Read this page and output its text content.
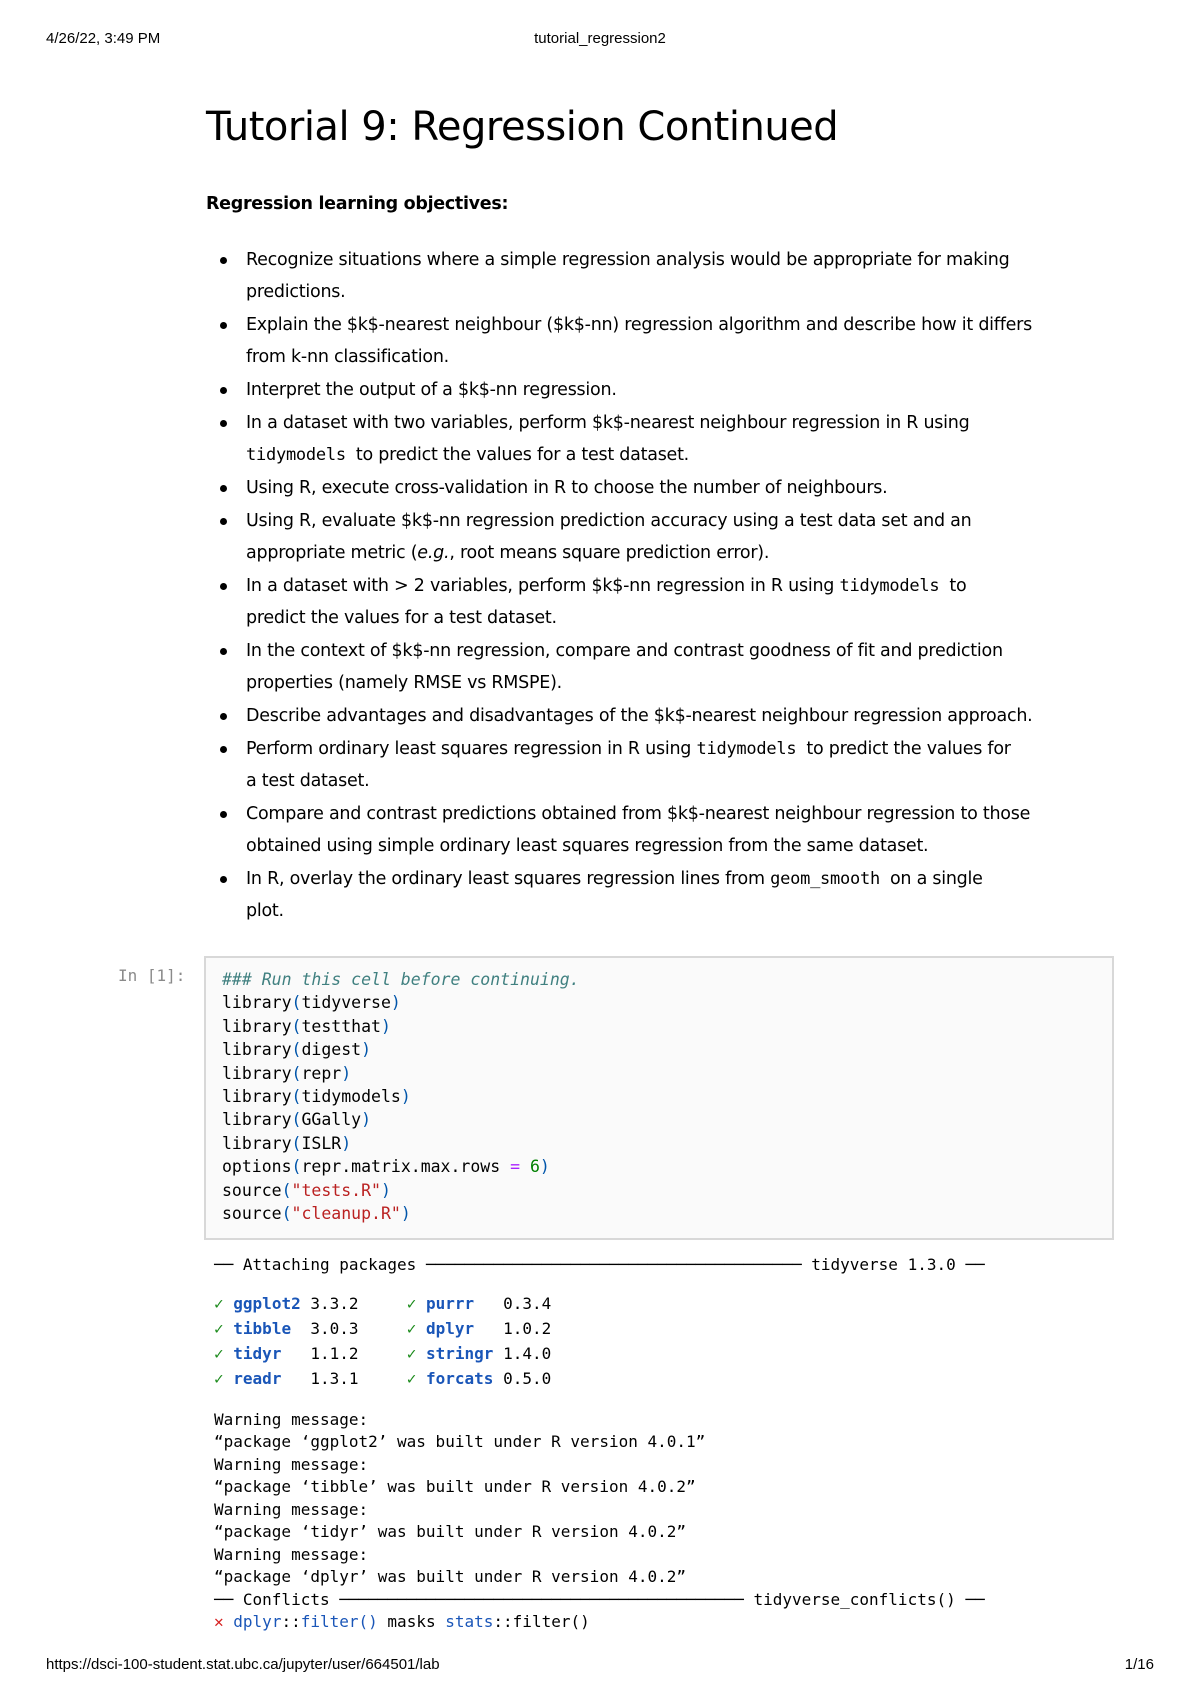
4/26/22, 3:49 PM	tutorial_regression2
Tutorial 9: Regression Continued
Regression learning objectives:
Recognize situations where a simple regression analysis would be appropriate for making
predictions.
Explain the $k$-nearest neighbour ($k$-nn) regression algorithm and describe how it differs
from k-nn classification.
Interpret the output of a $k$-nn regression.
In a dataset with two variables, perform $k$-nearest neighbour regression in R using
tidymodels to predict the values for a test dataset.
Using R, execute cross-validation in R to choose the number of neighbours.
Using R, evaluate $k$-nn regression prediction accuracy using a test data set and an
appropriate metric (e.g., root means square prediction error).
In a dataset with > 2 variables, perform $k$-nn regression in R using tidymodels to
predict the values for a test dataset.
In the context of $k$-nn regression, compare and contrast goodness of fit and prediction
properties (namely RMSE vs RMSPE).
Describe advantages and disadvantages of the $k$-nearest neighbour regression approach.
Perform ordinary least squares regression in R using tidymodels to predict the values for
a test dataset.
Compare and contrast predictions obtained from $k$-nearest neighbour regression to those
obtained using simple ordinary least squares regression from the same dataset.
In R, overlay the ordinary least squares regression lines from geom_smooth on a single
plot.
In [1]: ### Run this cell before continuing.
library(tidyverse)
library(testthat)
library(digest)
library(repr)
library(tidymodels)
library(GGally)
library(ISLR)
options(repr.matrix.max.rows = 6)
source("tests.R")
source("cleanup.R")
── Attaching packages ─────────────────────────────────────── tidyverse 1.3.0 ──
✓ ggplot2 3.3.2	✓ purrr   0.3.4
✓ tibble  3.0.3	✓ dplyr   1.0.2
✓ tidyr   1.1.2	✓ stringr 1.4.0
✓ readr   1.3.1	✓ forcats 0.5.0
Warning message:
“package ‘ggplot2’ was built under R version 4.0.1”
Warning message:
“package ‘tibble’ was built under R version 4.0.2”
Warning message:
“package ‘tidyr’ was built under R version 4.0.2”
Warning message:
“package ‘dplyr’ was built under R version 4.0.2”
── Conflicts ────────────────────────────────────────── tidyverse_conflicts() ──
✕ dplyr::filter() masks stats::filter()
https://dsci-100-student.stat.ubc.ca/jupyter/user/664501/lab	1/16
